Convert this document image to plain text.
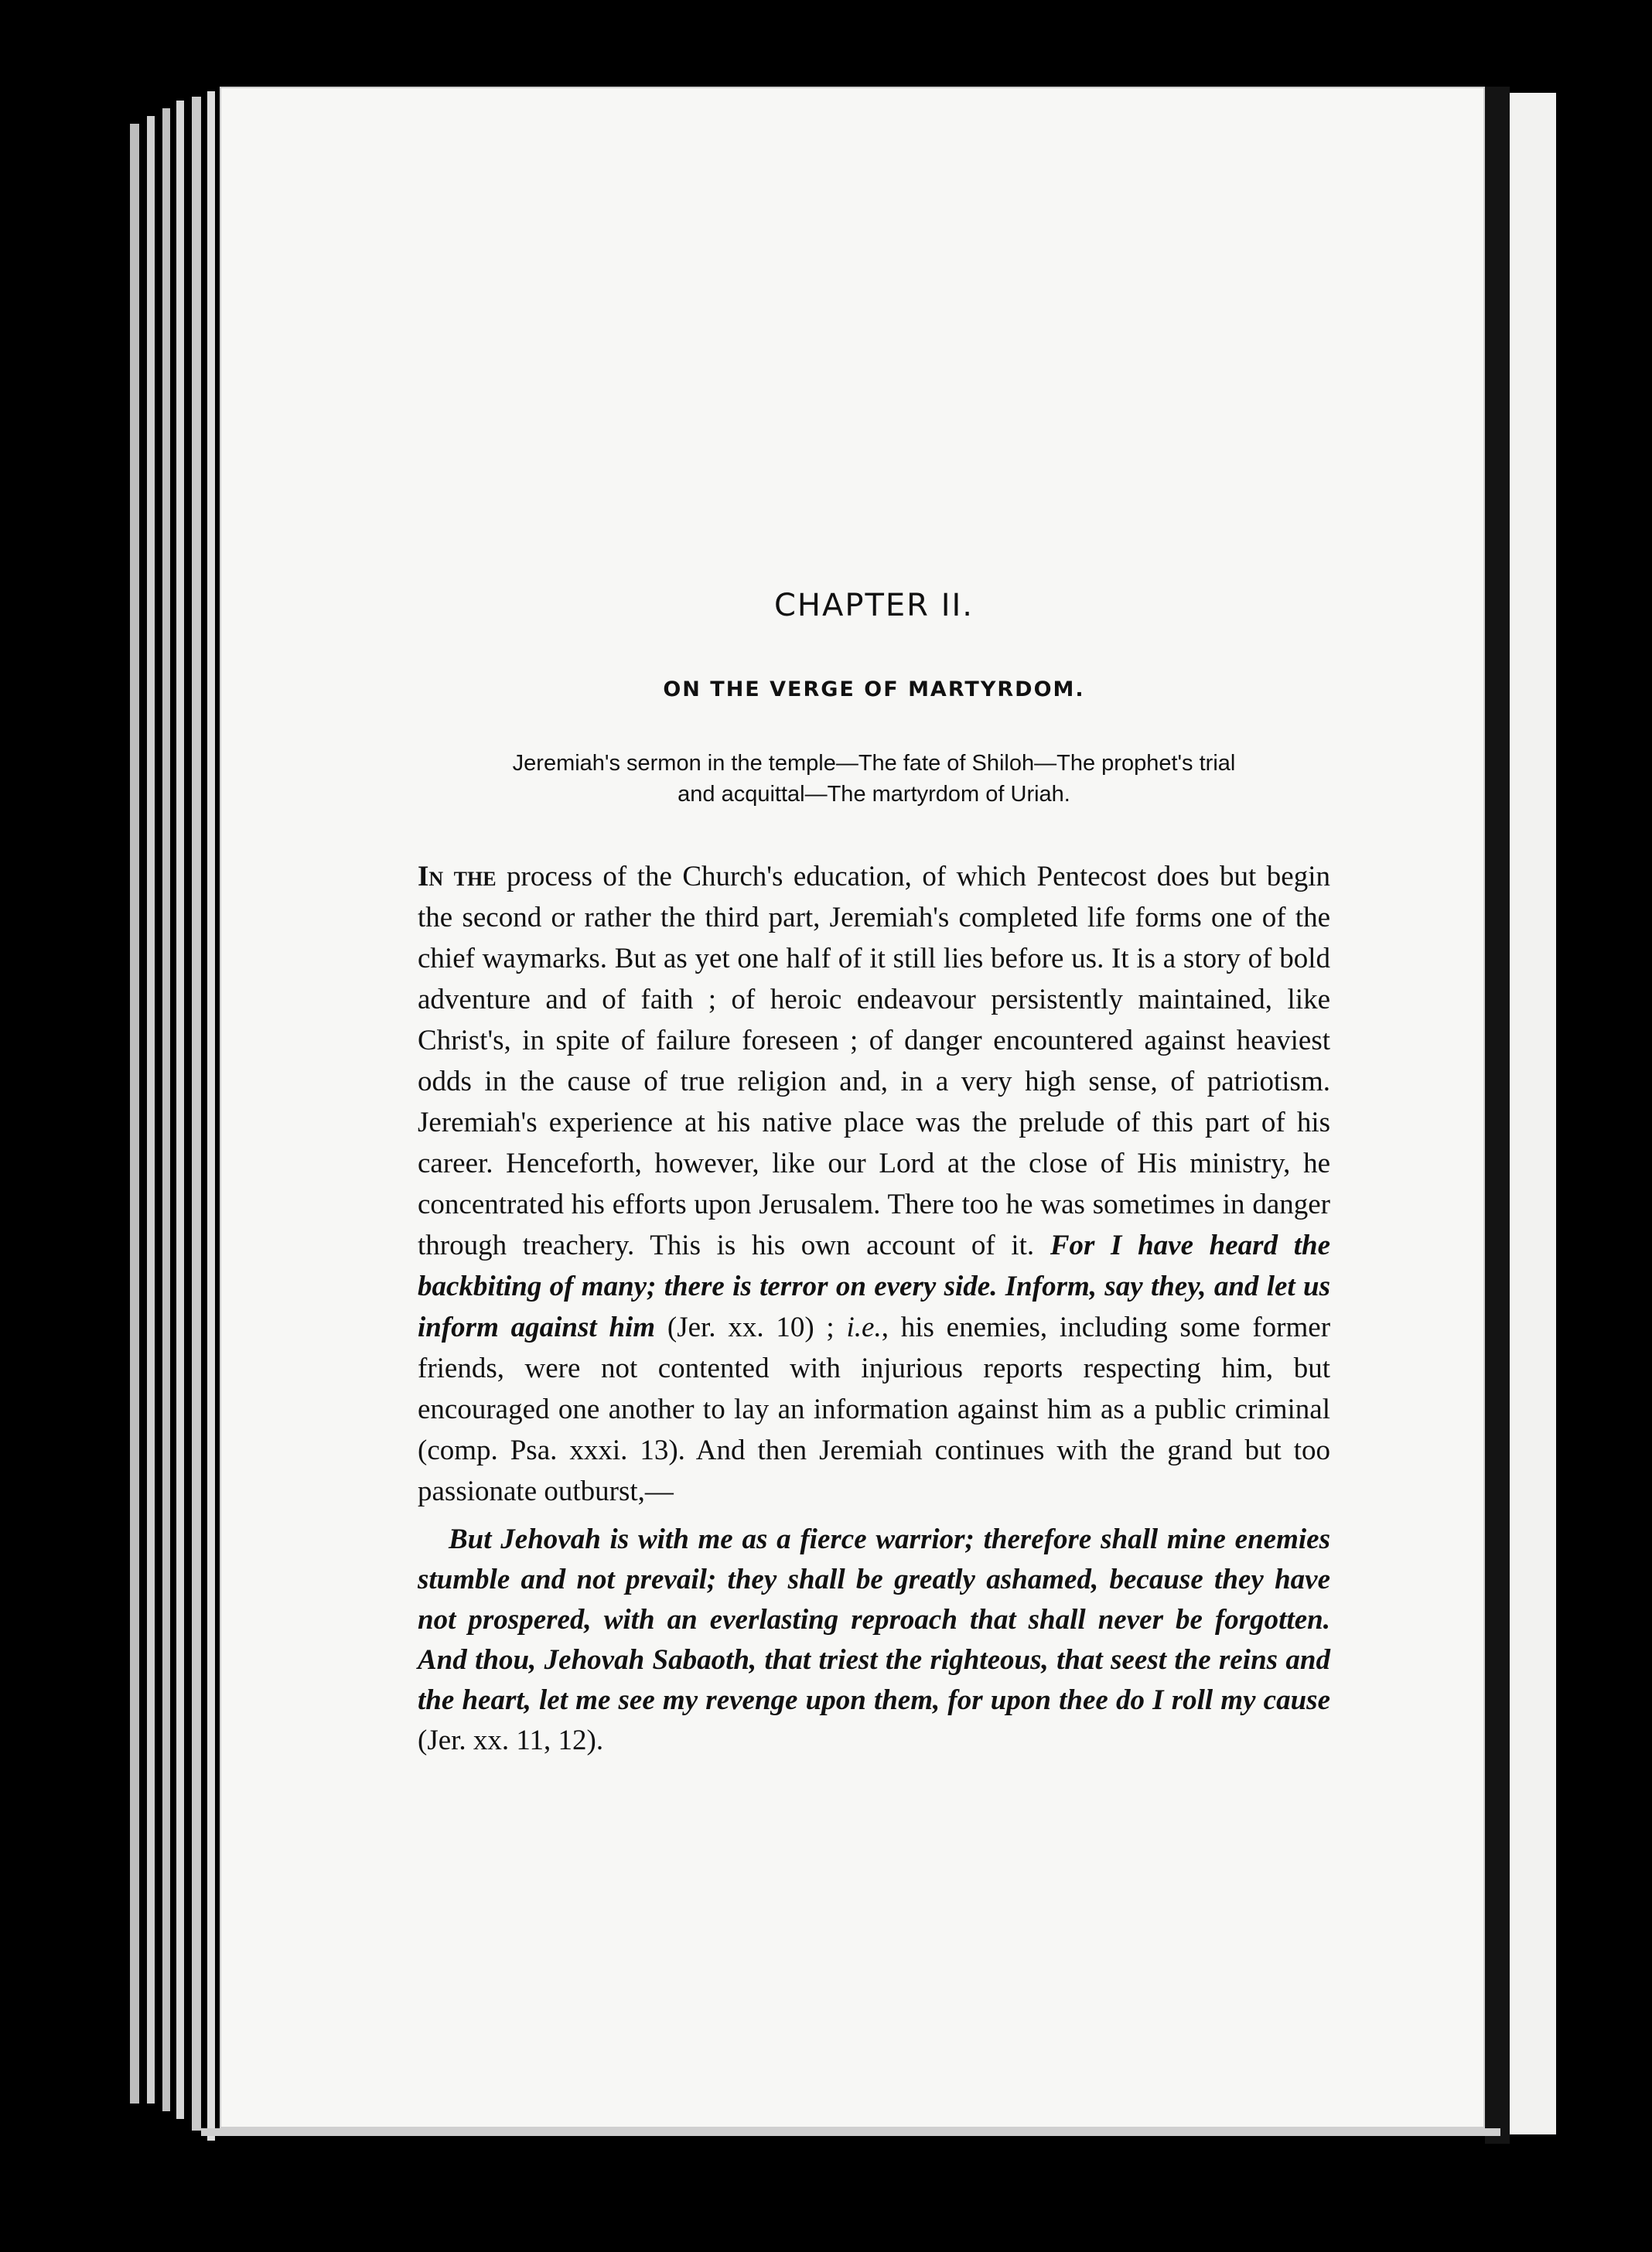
CHAPTER II.
ON THE VERGE OF MARTYRDOM.
Jeremiah's sermon in the temple—The fate of Shiloh—The prophet's trial
and acquittal—The martyrdom of Uriah.

In the process of the Church's education, of which Pentecost does but begin the second or rather the third part, Jeremiah's completed life forms one of the chief waymarks. But as yet one half of it still lies before us. It is a story of bold adventure and of faith ; of heroic endeavour persistently maintained, like Christ's, in spite of failure foreseen ; of danger encountered against heaviest odds in the cause of true religion and, in a very high sense, of patriotism. Jeremiah's experience at his native place was the prelude of this part of his career. Henceforth, however, like our Lord at the close of His ministry, he concentrated his efforts upon Jerusalem. There too he was sometimes in danger through treachery. This is his own account of it. For I have heard the backbiting of many; there is terror on every side. Inform, say they, and let us inform against him (Jer. xx. 10) ; i.e., his enemies, including some former friends, were not contented with injurious reports respecting him, but encouraged one another to lay an information against him as a public criminal (comp. Psa. xxxi. 13). And then Jeremiah continues with the grand but too passionate outburst,—

But Jehovah is with me as a fierce warrior; therefore shall mine enemies stumble and not prevail; they shall be greatly ashamed, because they have not prospered, with an everlasting reproach that shall never be forgotten. And thou, Jehovah Sabaoth, that triest the righteous, that seest the reins and the heart, let me see my revenge upon them, for upon thee do I roll my cause (Jer. xx. 11, 12).
